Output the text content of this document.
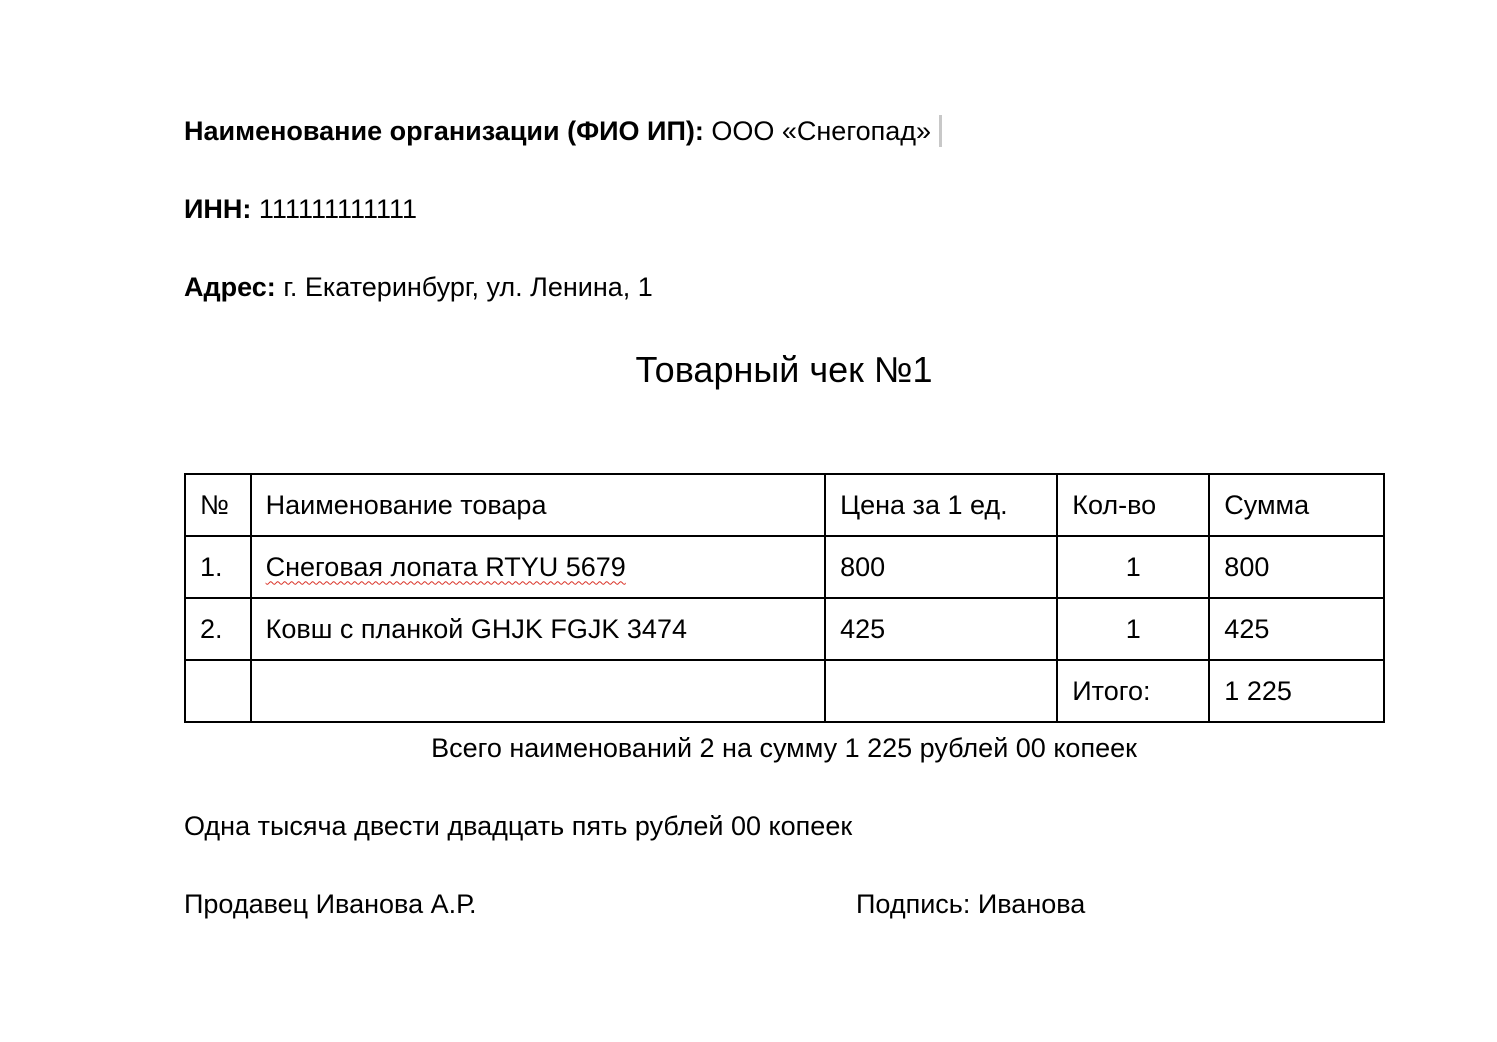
Наименование организации (ФИО ИП): ООО «Снегопад»
ИНН: 111111111111
Адрес: г. Екатеринбург, ул. Ленина, 1
Товарный чек №1
№	Наименование товара	Цена за 1 ед.	Кол-во	Сумма
1.	Снеговая лопата RTYU 5679	800	1	800
2.	Ковш с планкой GHJK FGJK 3474	425	1	425
			Итого:	1 225
Всего наименований 2 на сумму 1 225 рублей 00 копеек
Одна тысяча двести двадцать пять рублей 00 копеек
Продавец Иванова А.Р.	Подпись: Иванова
